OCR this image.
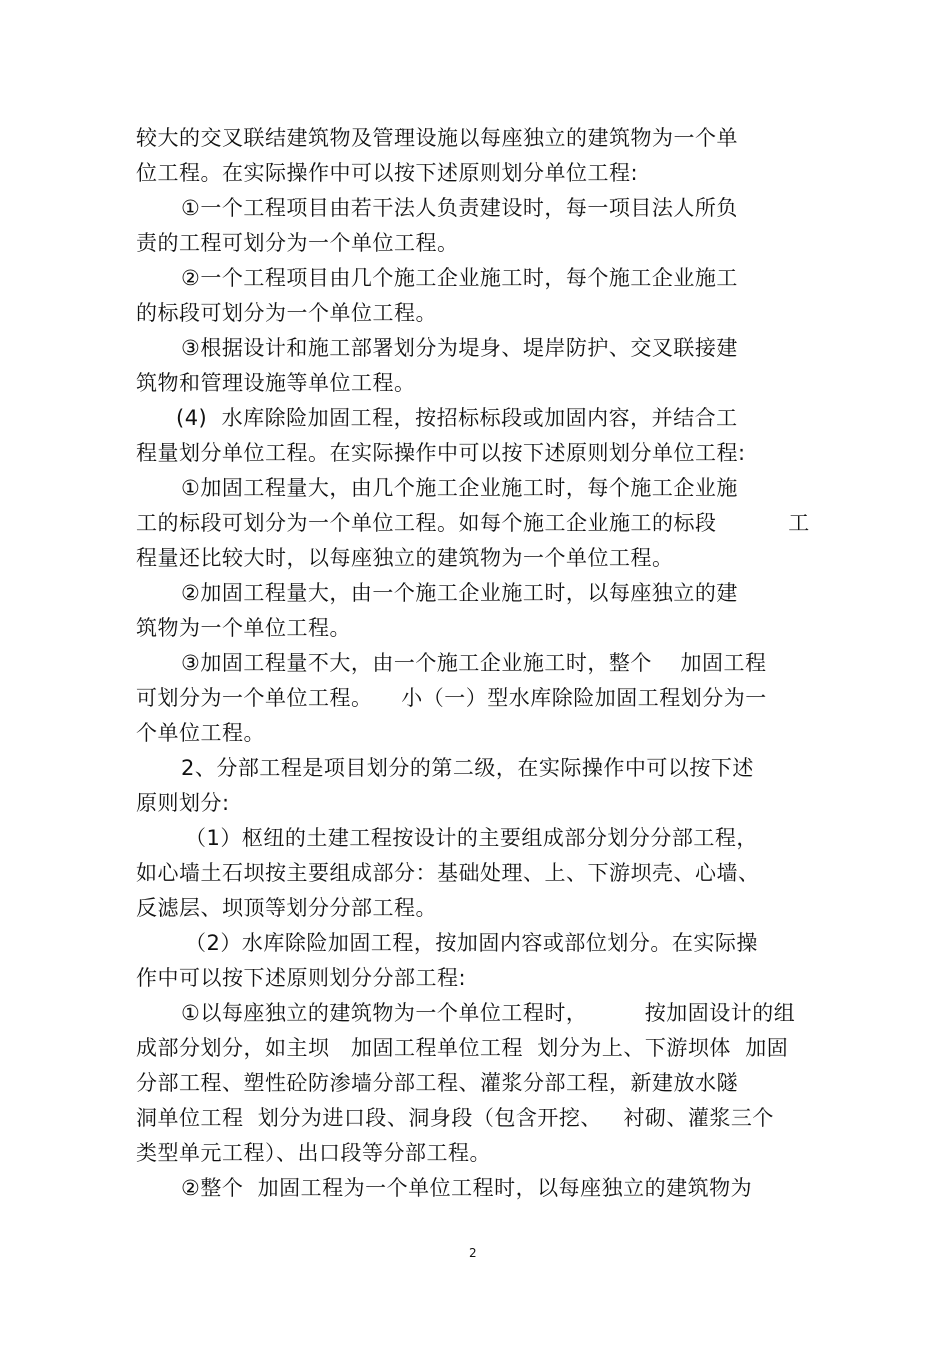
较大的交叉联结建筑物及管理设施以每座独立的建筑物为一个单
位工程。在实际操作中可以按下述原则划分单位工程:
①一个工程项目由若干法人负责建设时，每一项目法人所负
责的工程可划分为一个单位工程。
②一个工程项目由几个施工企业施工时，每个施工企业施工
的标段可划分为一个单位工程。
③根据设计和施工部署划分为堤身、堤岸防护、交叉联接建
筑物和管理设施等单位工程。
(4)  水库除险加固工程，按招标标段或加固内容，并结合工
程量划分单位工程。在实际操作中可以按下述原则划分单位工程:
①加固工程量大，由几个施工企业施工时，每个施工企业施
工的标段可划分为一个单位工程。如每个施工企业施工的标段          工
程量还比较大时，以每座独立的建筑物为一个单位工程。
②加固工程量大，由一个施工企业施工时，以每座独立的建
筑物为一个单位工程。
③加固工程量不大，由一个施工企业施工时，整个    加固工程
可划分为一个单位工程。    小（一）型水库除险加固工程划分为一
个单位工程。
2、分部工程是项目划分的第二级，在实际操作中可以按下述
原则划分:
（1）枢纽的土建工程按设计的主要组成部分划分分部工程，
如心墙土石坝按主要组成部分：基础处理、上、下游坝壳、心墙、
反滤层、坝顶等划分分部工程。
（2）水库除险加固工程，按加固内容或部位划分。在实际操
作中可以按下述原则划分分部工程:
①以每座独立的建筑物为一个单位工程时，        按加固设计的组
成部分划分，如主坝   加固工程单位工程  划分为上、下游坝体  加固
分部工程、塑性砼防渗墙分部工程、灌浆分部工程，新建放水隧
洞单位工程  划分为进口段、洞身段（包含开挖、   衬砌、灌浆三个
类型单元工程）、出口段等分部工程。
②整个  加固工程为一个单位工程时，以每座独立的建筑物为
2
